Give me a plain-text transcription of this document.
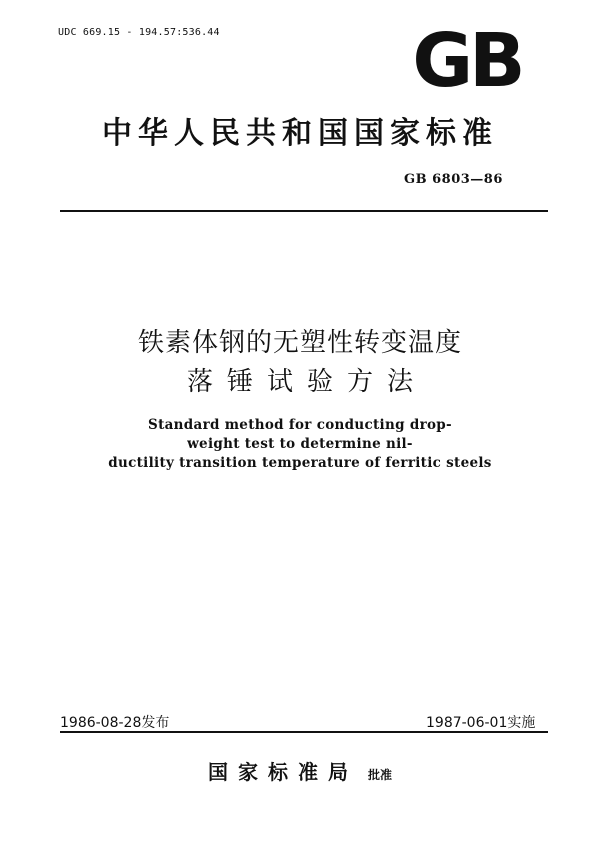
UDC 669.15 - 194.57:536.44	GB
中华人民共和国国家标准
GB 6803—86
铁素体钢的无塑性转变温度
落锤试验方法
Standard method for conducting drop-
weight test to determine nil-
ductility transition temperature of ferritic steels
1986-08-28发布	1987-06-01实施
国家标准局 批准
